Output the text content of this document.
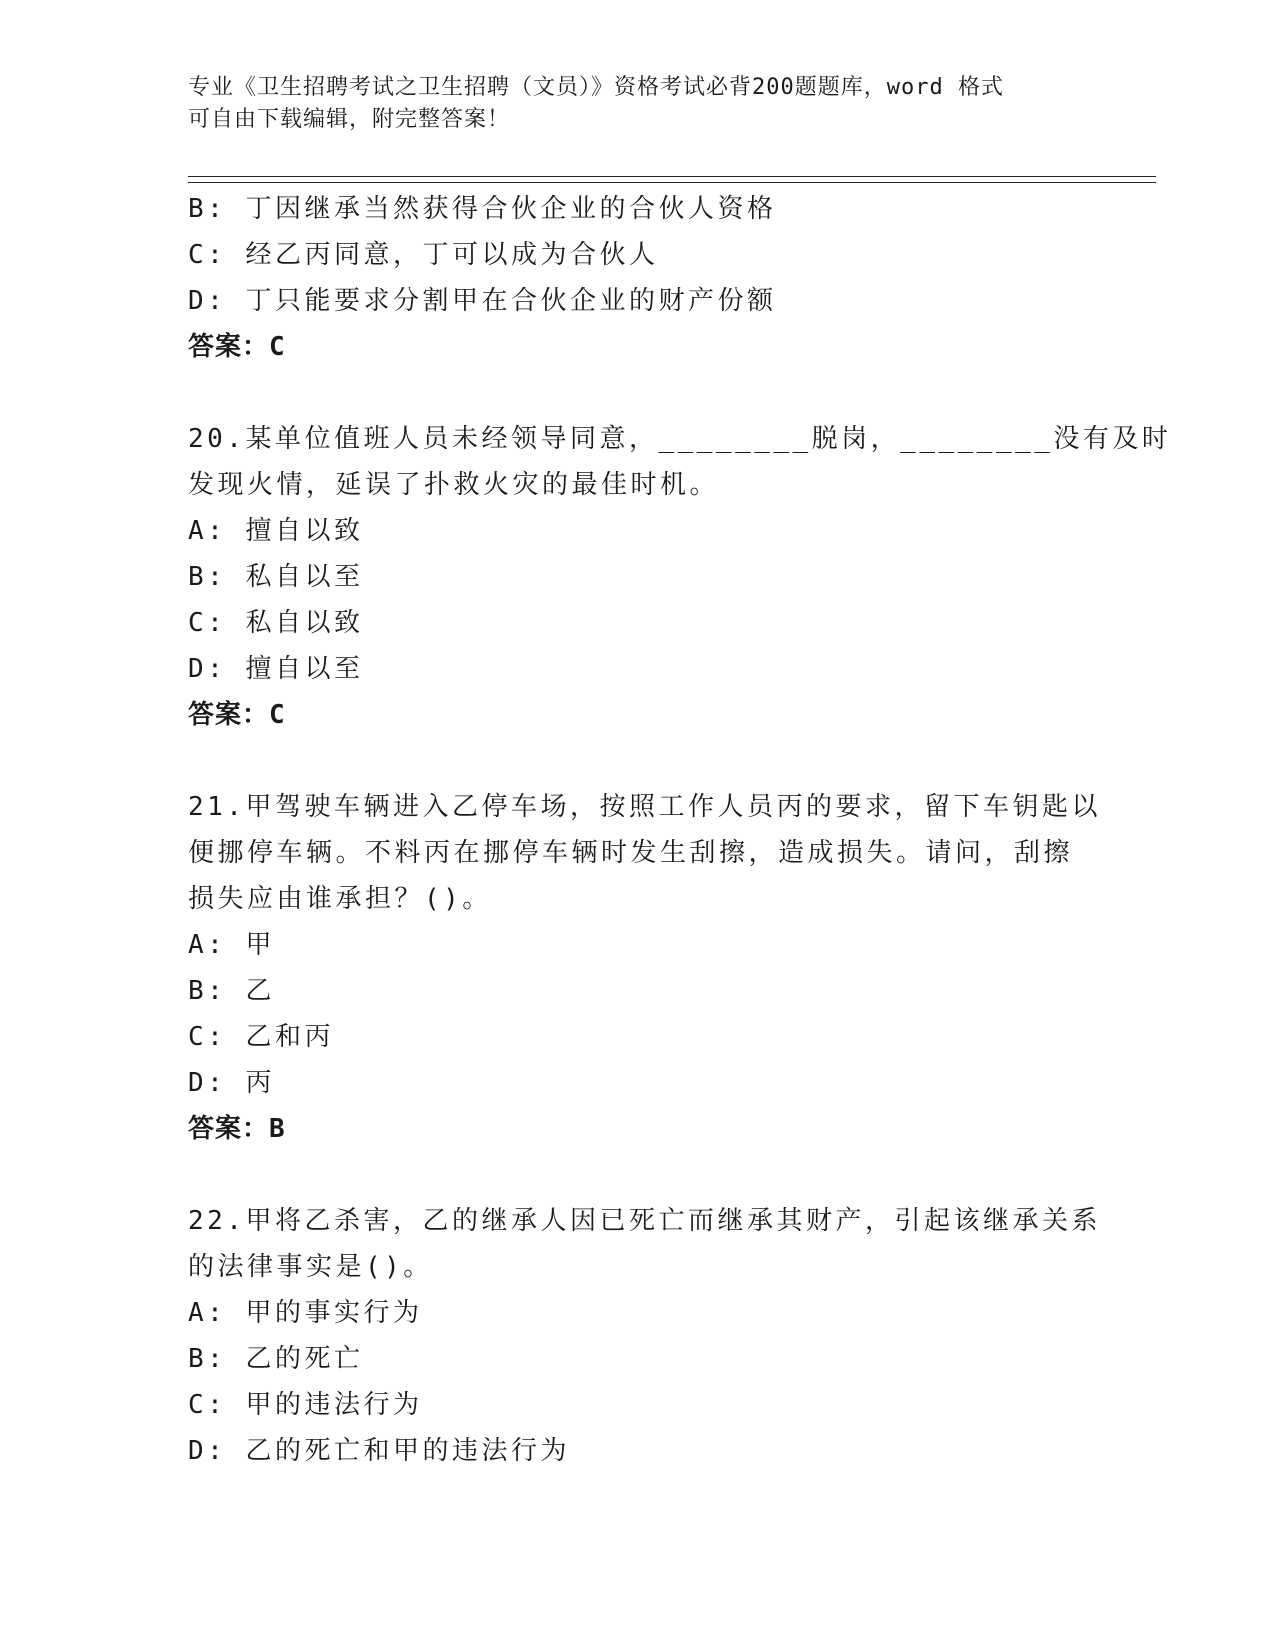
专业《卫生招聘考试之卫生招聘（文员）》资格考试必背200题题库，word 格式
可自由下载编辑，附完整答案！
B: 丁因继承当然获得合伙企业的合伙人资格
C: 经乙丙同意，丁可以成为合伙人
D: 丁只能要求分割甲在合伙企业的财产份额
答案：C
20.某单位值班人员未经领导同意，________脱岗，________没有及时
发现火情，延误了扑救火灾的最佳时机。
A: 擅自以致
B: 私自以至
C: 私自以致
D: 擅自以至
答案：C
21.甲驾驶车辆进入乙停车场，按照工作人员丙的要求，留下车钥匙以
便挪停车辆。不料丙在挪停车辆时发生刮擦，造成损失。请问，刮擦
损失应由谁承担？()。
A: 甲
B: 乙
C: 乙和丙
D: 丙
答案：B
22.甲将乙杀害，乙的继承人因已死亡而继承其财产，引起该继承关系
的法律事实是()。
A: 甲的事实行为
B: 乙的死亡
C: 甲的违法行为
D: 乙的死亡和甲的违法行为
